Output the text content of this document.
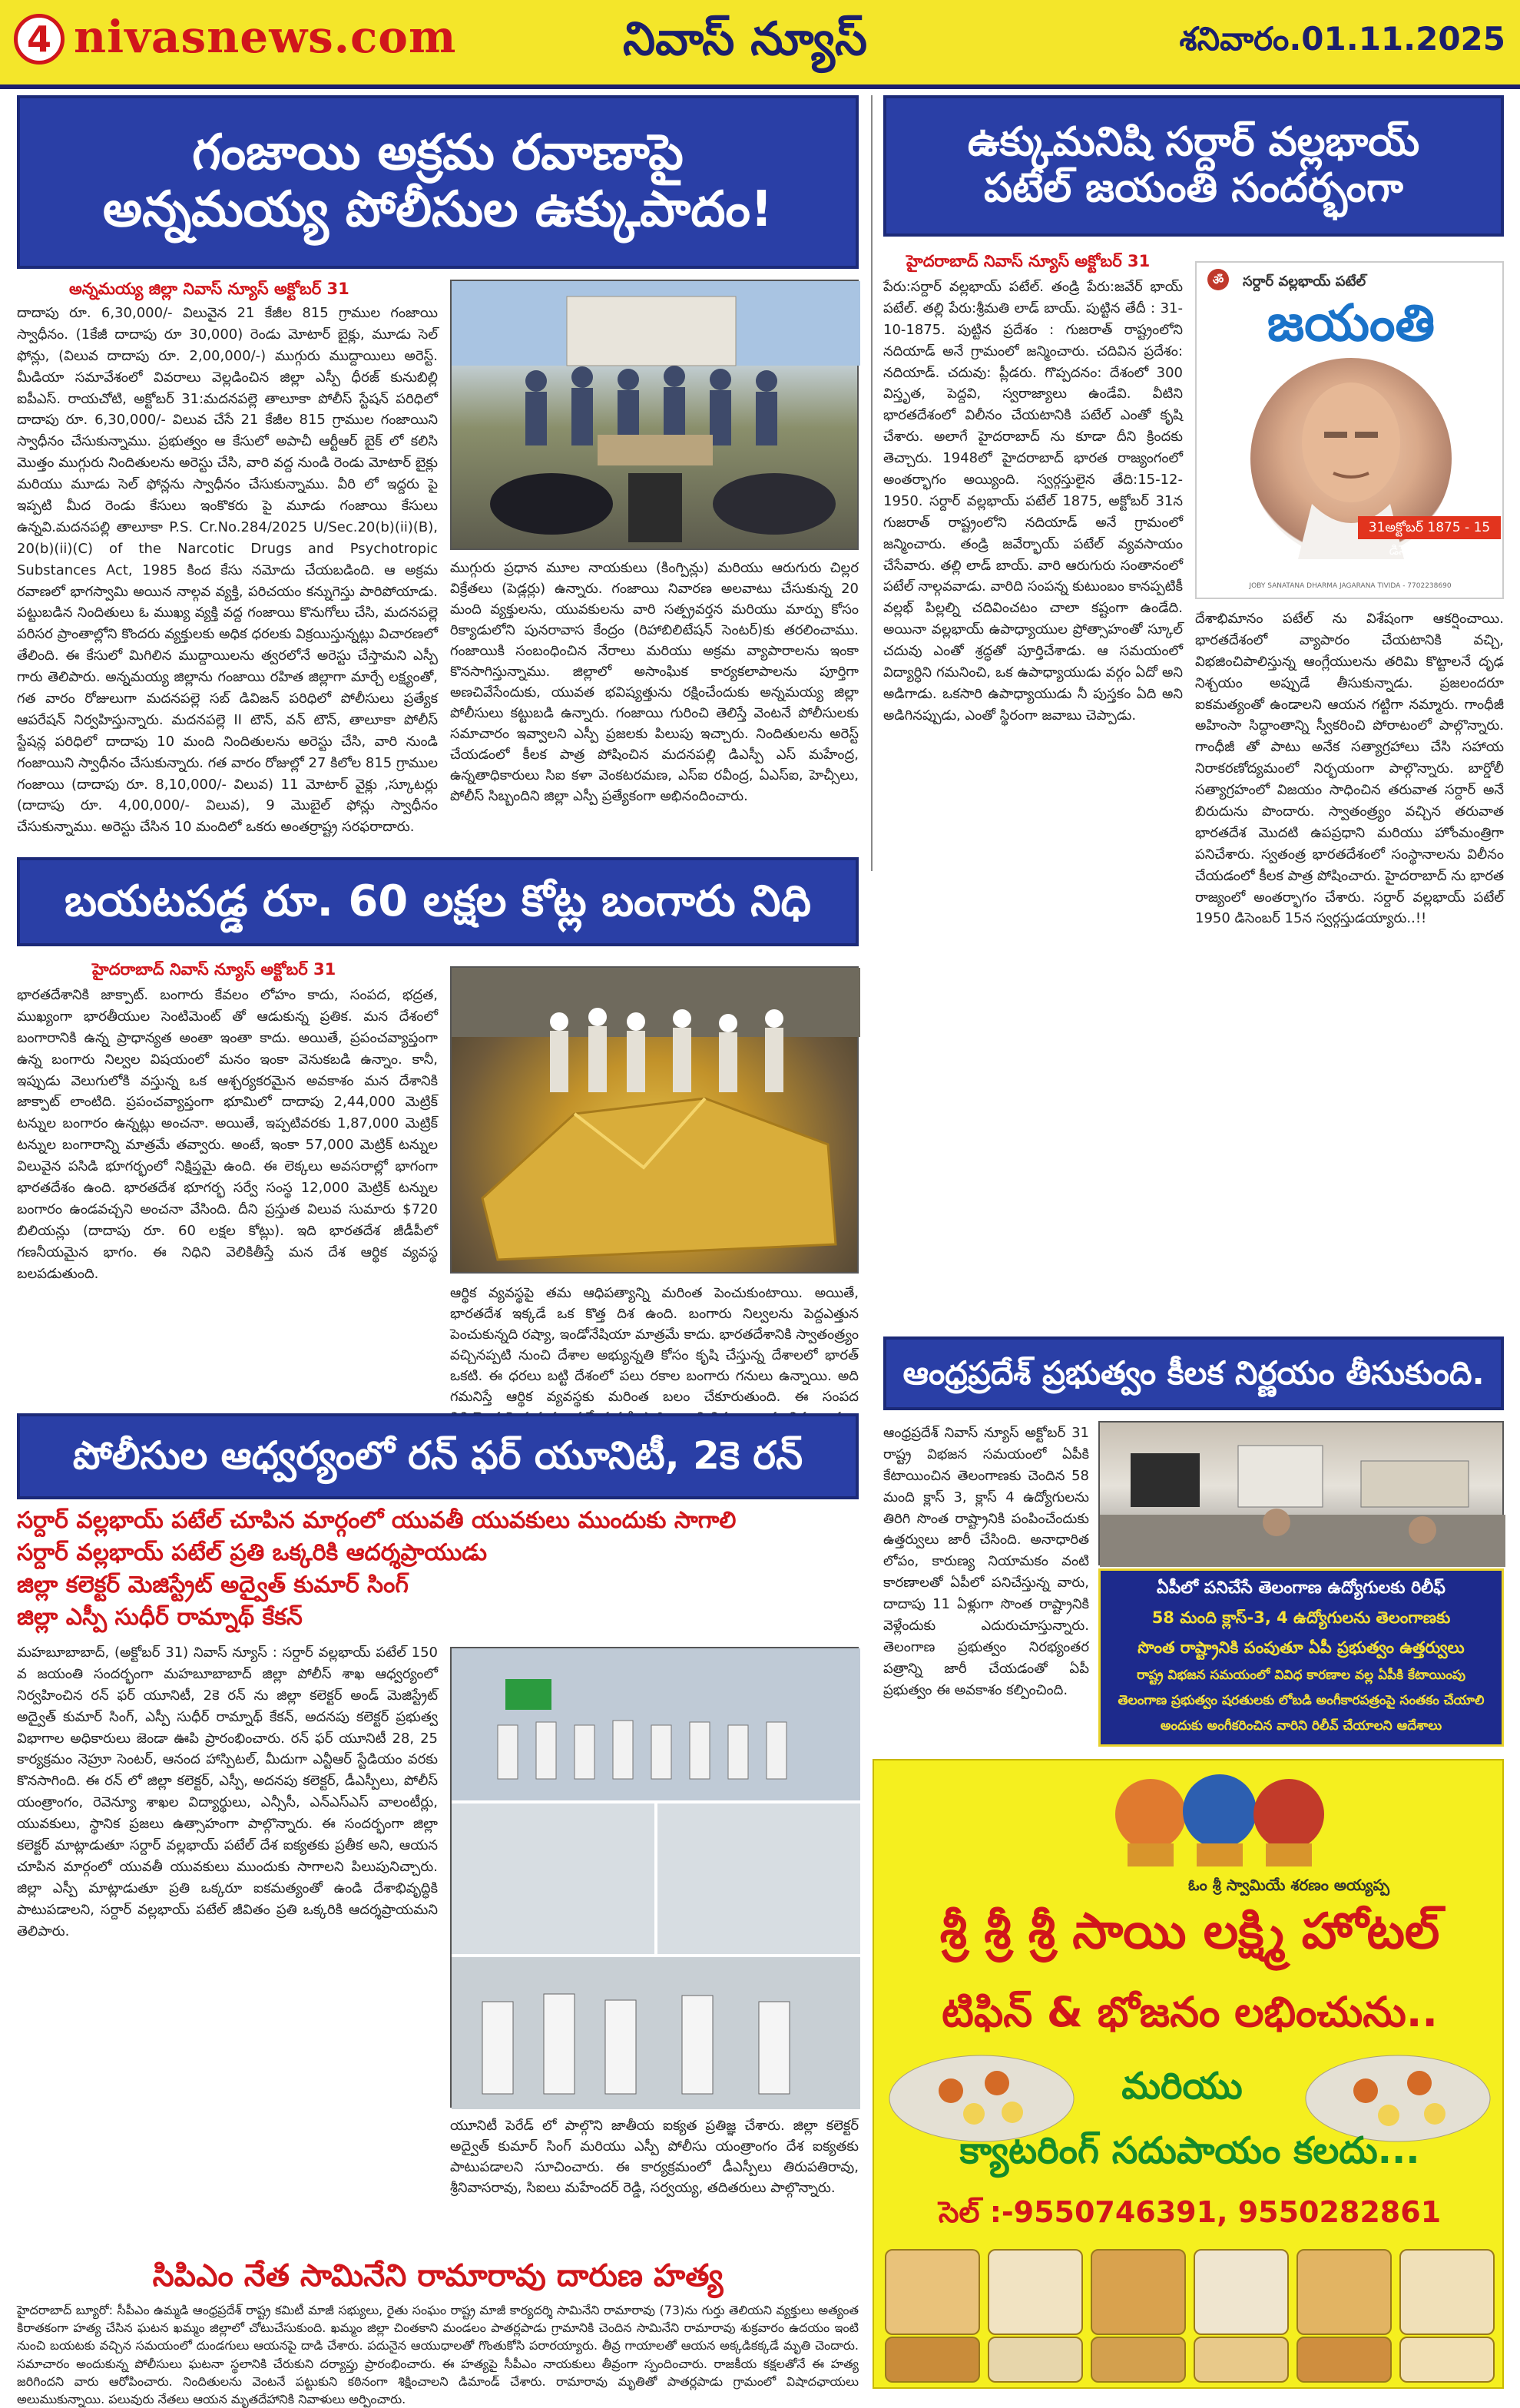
4 nivasnews.com	నివాస్ న్యూస్	శనివారం.01.11.2025
గంజాయి అక్రమ రవాణాపై
అన్నమయ్య పోలీసుల ఉక్కుపాదం!
అన్నమయ్య జిల్లా నివాస్ న్యూస్ అక్టోబర్ 31
దాదాపు రూ. 6,30,000/- విలువైన 21 కేజీల 815 గ్రాముల గంజాయి స్వాధీనం. (1కేజీ దాదాపు రూ 30,000) రెండు మోటార్ బైక్లు, మూడు సెల్ ఫోన్లు, (విలువ దాదాపు రూ. 2,00,000/-) ముగ్గురు ముద్దాయిలు అరెస్ట్. మీడియా సమావేశంలో వివరాలు వెల్లడించిన జిల్లా ఎస్పీ ధీరజ్ కునుబిల్లి ఐపీఎస్. రాయచోటి, అక్టోబర్ 31:మదనపల్లె తాలూకా పోలీస్ స్టేషన్ పరిధిలో దాదాపు రూ. 6,30,000/- విలువ చేసే 21 కేజీల 815 గ్రాముల గంజాయిని స్వాధీనం చేసుకున్నాము. ప్రభుత్వం ఆ కేసులో అపాచీ ఆర్టీఆర్ బైక్ లో కలిసి మొత్తం ముగ్గురు నిందితులను అరెస్టు చేసి, వారి వద్ద నుండి రెండు మోటార్ బైక్లు మరియు మూడు సెల్ ఫోన్లను స్వాధీనం చేసుకున్నాము. వీరి లో ఇద్దరు పై ఇప్పటి మీద రెండు కేసులు ఇంకొకరు పై మూడు గంజాయి కేసులు ఉన్నవి.మదనపల్లి తాలూకా P.S. Cr.No.284/2025 U/Sec.20(b)(ii)(B), 20(b)(ii)(C) of the Narcotic Drugs and Psychotropic Substances Act, 1985 కింద కేసు నమోదు చేయబడింది. ఆ అక్రమ రవాణలో భాగస్వామి అయిన నాల్గవ వ్యక్తి, పరిచయం కన్నుగెస్తు పారిపోయాడు. పట్టుబడిన నిందితులు ఓ ముఖ్య వ్యక్తి వద్ద గంజాయి కొనుగోలు చేసి, మదనపల్లె పరిసర ప్రాంతాల్లోని కొందరు వ్యక్తులకు అధిక ధరలకు విక్రయిస్తున్నట్లు విచారణలో తేలింది. ఈ కేసులో మిగిలిన ముద్దాయిలను త్వరలోనే అరెస్టు చేస్తామని ఎస్పీ గారు తెలిపారు. అన్నమయ్య జిల్లాను గంజాయి రహిత జిల్లాగా మార్చే లక్ష్యంతో, గత వారం రోజులుగా మదనపల్లె సబ్ డివిజన్ పరిధిలో పోలీసులు ప్రత్యేక ఆపరేషన్ నిర్వహిస్తున్నారు. మదనపల్లె II టౌన్, వన్ టౌన్, తాలూకా పోలీస్ స్టేషన్ల పరిధిలో దాదాపు 10 మంది నిందితులను అరెస్టు చేసి, వారి నుండి గంజాయిని స్వాధీనం చేసుకున్నారు. గత వారం రోజుల్లో 27 కిలోల 815 గ్రాముల గంజాయి (దాదాపు రూ. 8,10,000/- విలువ) 11 మోటార్ వైక్లు ,స్కూటర్లు (దాదాపు రూ. 4,00,000/- విలువ), 9 మొబైల్ ఫోన్లు స్వాధీనం చేసుకున్నాము. అరెస్టు చేసిన 10 మందిలో ఒకరు అంతర్రాష్ట్ర సరఫరాదారు.
ముగ్గురు ప్రధాన మూల నాయకులు (కింగ్పిన్లు) మరియు ఆరుగురు చిల్లర విక్రేతలు (పెడ్లర్లు) ఉన్నారు. గంజాయి నివారణ అలవాటు చేసుకున్న 20 మంది వ్యక్తులను, యువకులను వారి సత్ప్రవర్తన మరియు మార్పు కోసం రిక్యాడులోని పునరావాస కేంద్రం (రిహాబిలిటేషన్ సెంటర్)కు తరలించాము. గంజాయికి సంబంధించిన నేరాలు మరియు అక్రమ వ్యాపారాలను ఇంకా కొనసాగిస్తున్నాము. జిల్లాలో అసాంఘిక కార్యకలాపాలను పూర్తిగా అణచివేసేందుకు, యువత భవిష్యత్తును రక్షించేందుకు అన్నమయ్య జిల్లా పోలీసులు కట్టుబడి ఉన్నారు. గంజాయి గురించి తెలిస్తే వెంటనే పోలీసులకు సమాచారం ఇవ్వాలని ఎస్పీ ప్రజలకు పిలుపు ఇచ్చారు. నిందితులను అరెస్ట్ చేయడంలో కీలక పాత్ర పోషించిన మదనపల్లి డిఎస్పీ ఎస్ మహేంద్ర, ఉన్నతాధికారులు సిఐ కళా వెంకటరమణ, ఎస్ఐ రవీంద్ర, ఏఎస్ఐ, హెచ్సీలు, పోలీస్ సిబ్బందిని జిల్లా ఎస్పీ ప్రత్యేకంగా అభినందించారు.
ఉక్కుమనిషి సర్దార్ వల్లభాయ్
పటేల్ జయంతి సందర్భంగా
హైదరాబాద్ నివాస్ న్యూస్ అక్టోబర్ 31
పేరు:సర్దార్ వల్లభాయ్ పటేల్. తండ్రి పేరు:జవేర్ భాయ్ పటేల్. తల్లి పేరు:శ్రీమతి లాడ్ బాయ్. పుట్టిన తేదీ : 31-10-1875. పుట్టిన ప్రదేశం : గుజరాత్ రాష్ట్రంలోని నదియాడ్ అనే గ్రామంలో జన్మించారు. చదివిన ప్రదేశం: నదియాడ్. చదువు: ప్లీడరు. గొప్పదనం: దేశంలో 300 విస్తృత, పెద్దవి, స్వరాజ్యాలు ఉండేవి. వీటిని భారతదేశంలో విలీనం చేయటానికి పటేల్ ఎంతో కృషి చేశారు. అలాగే హైదరాబాద్ ను కూడా దీని క్రిందకు తెచ్చారు. 1948లో హైదరాబాద్ భారత రాజ్యంగంలో అంతర్భాగం అయ్యింది. స్వర్గస్తులైన తేది:15-12-1950. సర్దార్ వల్లభాయ్ పటేల్ 1875, అక్టోబర్ 31న గుజరాత్ రాష్ట్రంలోని నదియాడ్ అనే గ్రామంలో జన్మించారు. తండ్రి జవేర్భాయ్ పటేల్ వ్యవసాయం చేసేవారు. తల్లి లాడ్ బాయ్. వారి ఆరుగురు సంతానంలో పటేల్ నాల్గవవాడు. వారిది సంపన్న కుటుంబం కానప్పటికీ వల్లభ్ పిల్లల్ని చదివించటం చాలా కష్టంగా ఉండేది. అయినా వల్లభాయ్ ఉపాధ్యాయుల ప్రోత్సాహంతో స్కూల్ చదువు ఎంతో శ్రద్ధతో పూర్తిచేశాడు. ఆ సమయంలో విద్యార్ధిని గమనించి, ఒక ఉపాధ్యాయుడు వర్గం ఏదో అని అడిగాడు. ఒకసారి ఉపాధ్యాయుడు నీ పుస్తకం ఏది అని అడిగినప్పుడు, ఎంతో స్థిరంగా జవాబు చెప్పాడు.
సర్దార్ వల్లభాయ్ పటేల్
ॐ
జయంతి
31అక్టోబర్ 1875 - 15 డిసెంబర్ 1950
JOBY SANATANA DHARMA JAGARANA TIVIDA - 7702238690
దేశాభిమానం పటేల్ ను విశేషంగా ఆకర్షించాయి. భారతదేశంలో వ్యాపారం చేయటానికి వచ్చి, విభజించిపాలిస్తున్న ఆంగ్లేయులను తరిమి కొట్టాలనే దృఢ నిశ్చయం అప్పుడే తీసుకున్నాడు. ప్రజలందరూ ఐకమత్యంతో ఉండాలని ఆయన గట్టిగా నమ్మారు. గాంధీజీ అహింసా సిద్ధాంతాన్ని స్వీకరించి పోరాటంలో పాల్గొన్నారు. గాంధీజీ తో పాటు అనేక సత్యాగ్రహాలు చేసి సహాయ నిరాకరణోద్యమంలో నిర్భయంగా పాల్గొన్నారు. బార్డోలీ సత్యాగ్రహంలో విజయం సాధించిన తరువాత సర్దార్ అనే బిరుదును పొందారు. స్వాతంత్ర్యం వచ్చిన తరువాత భారతదేశ మొదటి ఉపప్రధాని మరియు హోంమంత్రిగా పనిచేశారు. స్వతంత్ర భారతదేశంలో సంస్థానాలను విలీనం చేయడంలో కీలక పాత్ర పోషించారు. హైదరాబాద్ ను భారత రాజ్యంలో అంతర్భాగం చేశారు. సర్దార్ వల్లభాయ్ పటేల్ 1950 డిసెంబర్ 15న స్వర్గస్తుడయ్యారు..!!
బయటపడ్డ రూ. 60 లక్షల కోట్ల బంగారు నిధి
హైదరాబాద్ నివాస్ న్యూస్ అక్టోబర్ 31
భారతదేశానికి జాక్పాట్. బంగారు కేవలం లోహం కాదు, సంపద, భద్రత, ముఖ్యంగా భారతీయుల సెంటిమెంట్ తో ఆడుకున్న ప్రతిక. మన దేశంలో బంగారానికి ఉన్న ప్రాధాన్యత అంతా ఇంతా కాదు. అయితే, ప్రపంచవ్యాప్తంగా ఉన్న బంగారు నిల్వల విషయంలో మనం ఇంకా వెనుకబడి ఉన్నాం. కానీ, ఇప్పుడు వెలుగులోకి వస్తున్న ఒక ఆశ్చర్యకరమైన అవకాశం మన దేశానికి జాక్పాట్ లాంటిది. ప్రపంచవ్యాప్తంగా భూమిలో దాదాపు 2,44,000 మెట్రిక్ టన్నుల బంగారం ఉన్నట్లు అంచనా. అయితే, ఇప్పటివరకు 1,87,000 మెట్రిక్ టన్నుల బంగారాన్ని మాత్రమే తవ్వారు. అంటే, ఇంకా 57,000 మెట్రిక్ టన్నుల విలువైన పసిడి భూగర్భంలో నిక్షిప్తమై ఉంది. ఈ లెక్కలు అవసరాల్లో భాగంగా భారతదేశం ఉంది. భారతదేశ భూగర్భ సర్వే సంస్థ 12,000 మెట్రిక్ టన్నుల బంగారం ఉండవచ్చని అంచనా వేసింది. దీని ప్రస్తుత విలువ సుమారు $720 బిలియన్లు (దాదాపు రూ. 60 లక్షల కోట్లు). ఇది భారతదేశ జీడీపీలో గణనీయమైన భాగం. ఈ నిధిని వెలికితీస్తే మన దేశ ఆర్థిక వ్యవస్థ బలపడుతుంది.
ఆర్థిక వ్యవస్థపై తమ ఆధిపత్యాన్ని మరింత పెంచుకుంటాయి. అయితే, భారతదేశ ఇక్కడే ఒక కొత్త దిశ ఉంది. బంగారు నిల్వలను పెద్దఎత్తున పెంచుకున్నది రష్యా, ఇండోనేషియా మాత్రమే కాదు. భారతదేశానికి స్వాతంత్ర్యం వచ్చినప్పటి నుంచి దేశాల అభ్యున్నతి కోసం కృషి చేస్తున్న దేశాలలో భారత్ ఒకటి. ఈ ధరలు బట్టి దేశంలో పలు రకాల బంగారు గనులు ఉన్నాయి. అది గమనిస్తే ఆర్థిక వ్యవస్థకు మరింత బలం చేకూరుతుంది. ఈ సంపద
ఆంధ్రప్రదేశ్ ప్రభుత్వం కీలక నిర్ణయం తీసుకుంది.
ఆంధ్రప్రదేశ్ నివాస్ న్యూస్ అక్టోబర్ 31 రాష్ట్ర విభజన సమయంలో ఏపీకి కేటాయించిన తెలంగాణకు చెందిన 58 మంది క్లాస్ 3, క్లాస్ 4 ఉద్యోగులను తిరిగి సొంత రాష్ట్రానికి పంపించేందుకు ఉత్తర్వులు జారీ చేసింది. అనాధారిత లోపం, కారుణ్య నియామకం వంటి కారణాలతో ఏపీలో పనిచేస్తున్న వారు, దాదాపు 11 ఏళ్లుగా సొంత రాష్ట్రానికి వెళ్లేందుకు ఎదురుచూస్తున్నారు. తెలంగాణ ప్రభుత్వం నిరభ్యంతర పత్రాన్ని జారీ చేయడంతో ఏపీ ప్రభుత్వం ఈ అవకాశం కల్పించింది.
ఏపీలో పనిచేసే తెలంగాణ ఉద్యోగులకు రిలీఫ్
58 మంది క్లాస్-3, 4 ఉద్యోగులను తెలంగాణకు
సొంత రాష్ట్రానికి పంపుతూ ఏపీ ప్రభుత్వం ఉత్తర్వులు
రాష్ట్ర విభజన సమయంలో వివిధ కారణాల వల్ల ఏపీకి కేటాయింపు
తెలంగాణ ప్రభుత్వం షరతులకు లోబడి అంగీకారపత్రంపై సంతకం చేయాలి
అందుకు అంగీకరించిన వారిని రిలీవ్ చేయాలని ఆదేశాలు
పోలీసుల ఆధ్వర్యంలో రన్ ఫర్ యూనిటీ, 2కె రన్
సర్దార్ వల్లభాయ్ పటేల్ చూపిన మార్గంలో యువతీ యువకులు ముందుకు సాగాలి
సర్దార్ వల్లభాయ్ పటేల్ ప్రతి ఒక్కరికి ఆదర్శప్రాయుడు
జిల్లా కలెక్టర్ మెజిస్ట్రేట్ అద్వైత్ కుమార్ సింగ్
జిల్లా ఎస్పీ సుధీర్ రామ్నాథ్ కేకన్
మహబూబాబాద్, (అక్టోబర్ 31) నివాస్ న్యూస్ : సర్దార్ వల్లభాయ్ పటేల్ 150 వ జయంతి సందర్భంగా మహబూబాబాద్ జిల్లా పోలీస్ శాఖ ఆధ్వర్యంలో నిర్వహించిన రన్ ఫర్ యూనిటీ, 2కె రన్ ను జిల్లా కలెక్టర్ అండ్ మెజిస్ట్రేట్ అద్వైత్ కుమార్ సింగ్, ఎస్పీ సుధీర్ రామ్నాథ్ కేకన్, అదనపు కలెక్టర్ ప్రభుత్వ విభాగాల అధికారులు జెండా ఊపి ప్రారంభించారు. రన్ ఫర్ యూనిటీ 28, 25 కార్యక్రమం నెహ్రూ సెంటర్, ఆనంద హాస్పిటల్, మీదుగా ఎన్టీఆర్ స్టేడియం వరకు కొనసాగింది. ఈ రన్ లో జిల్లా కలెక్టర్, ఎస్పీ, అదనపు కలెక్టర్, డీఎస్పీలు, పోలీస్ యంత్రాంగం, రెవెన్యూ శాఖల విద్యార్థులు, ఎన్సీసీ, ఎన్ఎస్ఎస్ వాలంటీర్లు, యువకులు, స్థానిక ప్రజలు ఉత్సాహంగా పాల్గొన్నారు. ఈ సందర్భంగా జిల్లా కలెక్టర్ మాట్లాడుతూ సర్దార్ వల్లభాయ్ పటేల్ దేశ ఐక్యతకు ప్రతీక అని, ఆయన చూపిన మార్గంలో యువతీ యువకులు ముందుకు సాగాలని పిలుపునిచ్చారు. జిల్లా ఎస్పీ మాట్లాడుతూ ప్రతి ఒక్కరూ ఐకమత్యంతో ఉండి దేశాభివృద్ధికి పాటుపడాలని, సర్దార్ వల్లభాయ్ పటేల్ జీవితం ప్రతి ఒక్కరికి ఆదర్శప్రాయమని తెలిపారు.
యూనిటీ పెరేడ్ లో పాల్గొని జాతీయ ఐక్యత ప్రతిజ్ఞ చేశారు. జిల్లా కలెక్టర్ అద్వైత్ కుమార్ సింగ్ మరియు ఎస్పీ పోలీసు యంత్రాంగం దేశ ఐక్యతకు పాటుపడాలని సూచించారు. ఈ కార్యక్రమంలో డీఎస్పీలు తిరుపతిరావు, శ్రీనివాసరావు, సిఐలు మహేందర్ రెడ్డి, సర్వయ్య, తదితరులు పాల్గొన్నారు.
ఓం శ్రీ స్వామియే శరణం అయ్యప్ప
శ్రీ శ్రీ శ్రీ సాయి లక్ష్మి హోటల్
టిఫిన్ & భోజనం లభించును..
మరియు
క్యాటరింగ్ సదుపాయం కలదు...
సెల్ :-9550746391, 9550282861
సిపిఎం నేత సామినేని రామారావు దారుణ హత్య
హైదరాబాద్ బ్యూరో: సీపీఎం ఉమ్మడి ఆంధ్రప్రదేశ్ రాష్ట్ర కమిటీ మాజీ సభ్యులు, రైతు సంఘం రాష్ట్ర మాజీ కార్యదర్శి సామినేని రామారావు (73)ను గుర్తు తెలియని వ్యక్తులు అత్యంత కిరాతకంగా హత్య చేసిన ఘటన ఖమ్మం జిల్లాలో చోటుచేసుకుంది. ఖమ్మం జిల్లా చింతకాని మండలం పాతర్లపాడు గ్రామానికి చెందిన సామినేని రామారావు శుక్రవారం ఉదయం ఇంటి నుంచి బయటకు వచ్చిన సమయంలో దుండగులు ఆయనపై దాడి చేశారు. పదునైన ఆయుధాలతో గొంతుకోసి పరారయ్యారు. తీవ్ర గాయాలతో ఆయన అక్కడికక్కడే మృతి చెందారు. సమాచారం అందుకున్న పోలీసులు ఘటనా స్థలానికి చేరుకుని దర్యాప్తు ప్రారంభించారు. ఈ హత్యపై సీపీఎం నాయకులు తీవ్రంగా స్పందించారు. రాజకీయ కక్షలతోనే ఈ హత్య జరిగిందని వారు ఆరోపించారు. నిందితులను వెంటనే పట్టుకుని కఠినంగా శిక్షించాలని డిమాండ్ చేశారు. రామారావు మృతితో పాతర్లపాడు గ్రామంలో విషాదఛాయలు అలుముకున్నాయి. పలువురు నేతలు ఆయన మృతదేహానికి నివాళులు అర్పించారు.
